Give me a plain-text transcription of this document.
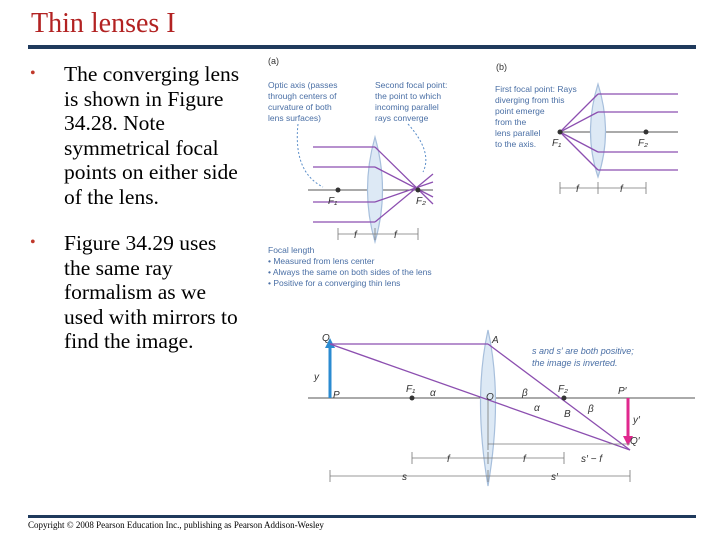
Thin lenses I
• The converging lens is shown in Figure 34.28. Note symmetrical focal points on either side of the lens.
• Figure 34.29 uses the same ray formalism as we used with mirrors to find the image.
(a)
Optic axis (passes through centers of curvature of both lens surfaces)
Second focal point: the point to which incoming parallel rays converge
F₁	F₂
f	f
Focal length • Measured from lens center • Always the same on both sides of the lens • Positive for a converging thin lens
(b)
First focal point: Rays diverging from this point emerge from the lens parallel to the axis.	F₁	F₂
f	f
Q
y
P
A
O
F₁	F₂
α	β
α	β
B
P′
y′
Q′
s and s′ are both positive; the image is inverted.
f	f	s′ − f
s	s′
Copyright © 2008 Pearson Education Inc., publishing as Pearson Addison-Wesley
